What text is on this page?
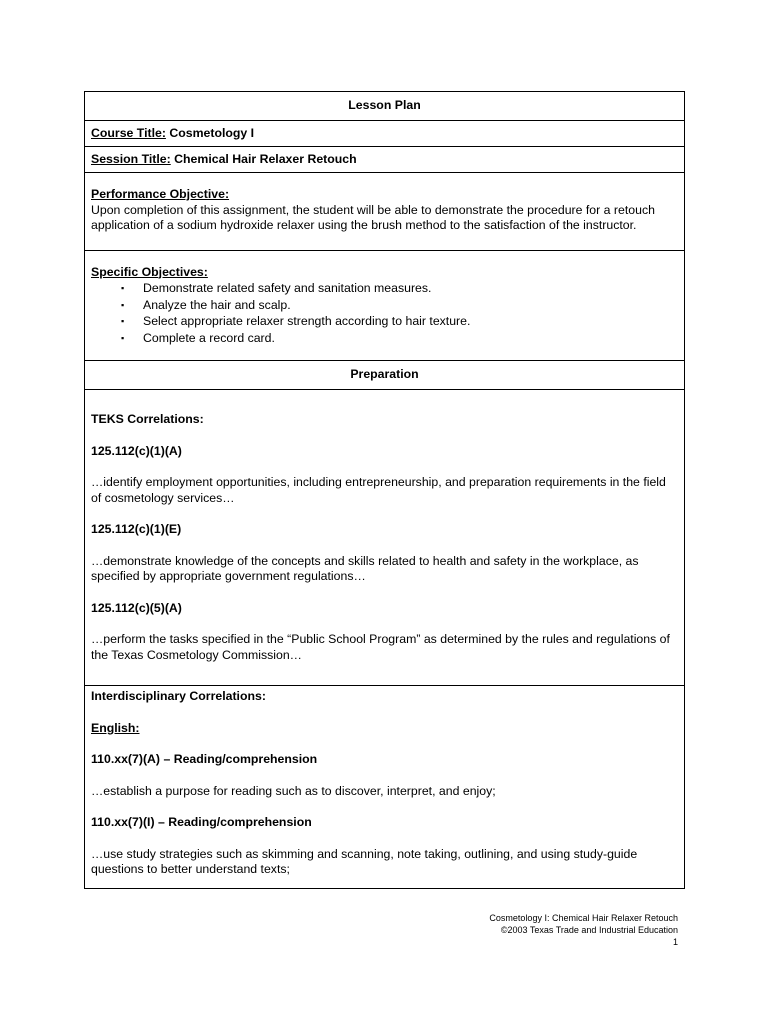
Lesson Plan
Course Title: Cosmetology I
Session Title: Chemical Hair Relaxer Retouch

Performance Objective:
Upon completion of this assignment, the student will be able to demonstrate the procedure for a retouch application of a sodium hydroxide relaxer using the brush method to the satisfaction of the instructor.

Specific Objectives:
▪ Demonstrate related safety and sanitation measures.
▪ Analyze the hair and scalp.
▪ Select appropriate relaxer strength according to hair texture.
▪ Complete a record card.

Preparation

TEKS Correlations:

125.112(c)(1)(A)

…identify employment opportunities, including entrepreneurship, and preparation requirements in the field of cosmetology services…

125.112(c)(1)(E)

…demonstrate knowledge of the concepts and skills related to health and safety in the workplace, as specified by appropriate government regulations…

125.112(c)(5)(A)

…perform the tasks specified in the “Public School Program” as determined by the rules and regulations of the Texas Cosmetology Commission…

Interdisciplinary Correlations:

English:

110.xx(7)(A) – Reading/comprehension

…establish a purpose for reading such as to discover, interpret, and enjoy;

110.xx(7)(I) – Reading/comprehension

…use study strategies such as skimming and scanning, note taking, outlining, and using study-guide questions to better understand texts;

Cosmetology I: Chemical Hair Relaxer Retouch
©2003 Texas Trade and Industrial Education
1
